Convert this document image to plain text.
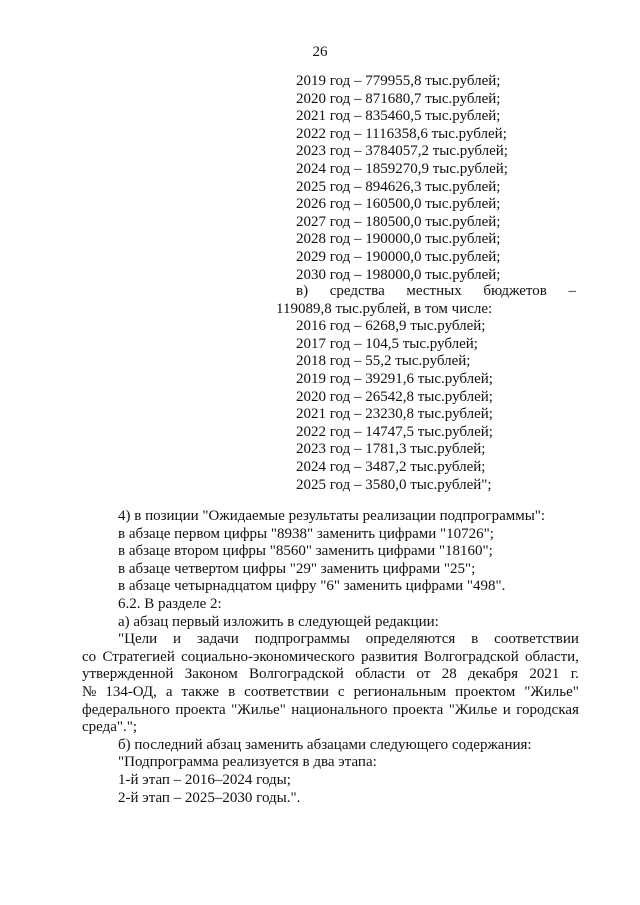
26
2019 год – 779955,8 тыс.рублей;
2020 год – 871680,7 тыс.рублей;
2021 год – 835460,5 тыс.рублей;
2022 год – 1116358,6 тыс.рублей;
2023 год – 3784057,2 тыс.рублей;
2024 год – 1859270,9 тыс.рублей;
2025 год – 894626,3 тыс.рублей;
2026 год – 160500,0 тыс.рублей;
2027 год – 180500,0 тыс.рублей;
2028 год – 190000,0 тыс.рублей;
2029 год – 190000,0 тыс.рублей;
2030 год – 198000,0 тыс.рублей;
в) средства местных бюджетов –
119089,8 тыс.рублей, в том числе:
2016 год – 6268,9 тыс.рублей;
2017 год – 104,5 тыс.рублей;
2018 год – 55,2 тыс.рублей;
2019 год – 39291,6 тыс.рублей;
2020 год – 26542,8 тыс.рублей;
2021 год – 23230,8 тыс.рублей;
2022 год – 14747,5 тыс.рублей;
2023 год – 1781,3 тыс.рублей;
2024 год – 3487,2 тыс.рублей;
2025 год – 3580,0 тыс.рублей";
4) в позиции "Ожидаемые результаты реализации подпрограммы":
в абзаце первом цифры "8938" заменить цифрами "10726";
в абзаце втором цифры "8560" заменить цифрами "18160";
в абзаце четвертом цифры "29" заменить цифрами "25";
в абзаце четырнадцатом цифру "6" заменить цифрами "498".
6.2. В разделе 2:
а) абзац первый изложить в следующей редакции:
"Цели и задачи подпрограммы определяются в соответствии
со Стратегией социально-экономического развития Волгоградской области,
утвержденной Законом Волгоградской области от 28 декабря 2021 г.
№ 134-ОД, а также в соответствии с региональным проектом "Жилье"
федерального проекта "Жилье" национального проекта "Жилье и городская
среда".";
б) последний абзац заменить абзацами следующего содержания:
"Подпрограмма реализуется в два этапа:
1-й этап – 2016–2024 годы;
2-й этап – 2025–2030 годы.".
